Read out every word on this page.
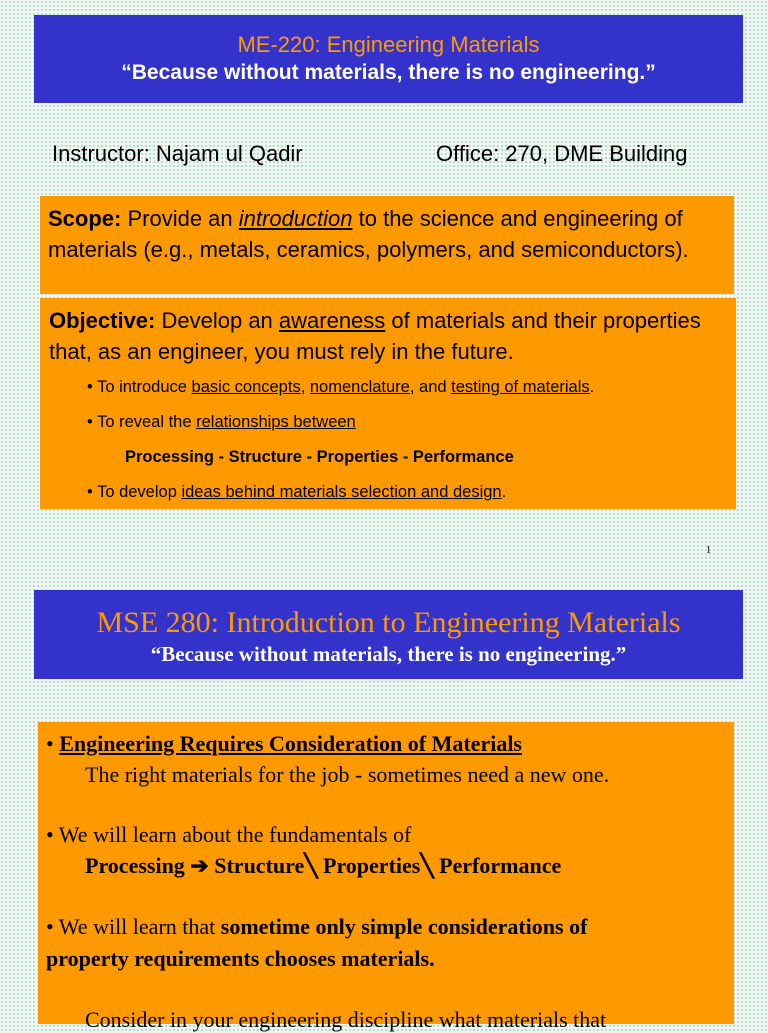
ME-220: Engineering Materials
“Because without materials, there is no engineering.”
Instructor: Najam ul Qadir	Office: 270, DME Building

Scope: Provide an introduction to the science and engineering of materials (e.g., metals, ceramics, polymers, and semiconductors).

Objective: Develop an awareness of materials and their properties that, as an engineer, you must rely in the future.

• To introduce basic concepts, nomenclature, and testing of materials.
• To reveal the relationships between
Processing - Structure - Properties - Performance
• To develop ideas behind materials selection and design.
1
MSE 280: Introduction to Engineering Materials
“Because without materials, there is no engineering.”
• Engineering Requires Consideration of Materials
The right materials for the job - sometimes need a new one.
• We will learn about the fundamentals of
Processing ➔ Structure╲ Properties╲ Performance
• We will learn that sometime only simple considerations of
property requirements chooses materials.
Consider in your engineering discipline what materials that
